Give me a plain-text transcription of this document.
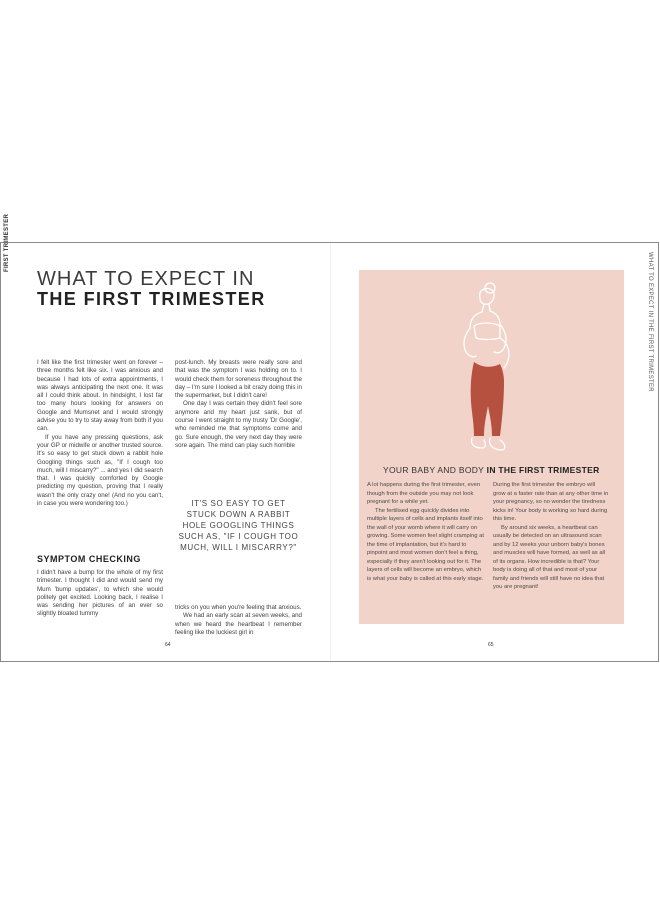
FIRST TRIMESTER
WHAT TO EXPECT IN THE FIRST TRIMESTER
WHAT TO EXPECT IN
THE FIRST TRIMESTER

I felt like the first trimester went on forever – three months felt like six. I was anxious and because I had lots of extra appointments, I was always anticipating the next one. It was all I could think about. In hindsight, I lost far too many hours looking for answers on Google and Mumsnet and I would strongly advise you to try to stay away from both if you can.

If you have any pressing questions, ask your GP or midwife or another trusted source. It's so easy to get stuck down a rabbit hole Googling things such as, "If I cough too much, will I miscarry?" ... and yes I did search that. I was quickly comforted by Google predicting my question, proving that I really wasn't the only crazy one! (And no you can't, in case you were wondering too.)

post-lunch. My breasts were really sore and that was the symptom I was holding on to. I would check them for soreness throughout the day – I'm sure I looked a bit crazy doing this in the supermarket, but I didn't care!

One day I was certain they didn't feel sore anymore and my heart just sank, but of course I went straight to my trusty 'Dr Google', who reminded me that symptoms come and go. Sure enough, the very next day they were sore again. The mind can play such horrible

IT'S SO EASY TO GET STUCK DOWN A RABBIT HOLE GOOGLING THINGS SUCH AS, "IF I COUGH TOO MUCH, WILL I MISCARRY?"
SYMPTOM CHECKING

I didn't have a bump for the whole of my first trimester. I thought I did and would send my Mum 'bump updates', to which she would politely get excited. Looking back, I realise I was sending her pictures of an ever so slightly bloated tummy

tricks on you when you're feeling that anxious.

We had an early scan at seven weeks, and when we heard the heartbeat I remember feeling like the luckiest girl in

64
YOUR BABY AND BODY IN THE FIRST TRIMESTER

A lot happens during the first trimester, even though from the outside you may not look pregnant for a while yet.

The fertilised egg quickly divides into multiple layers of cells and implants itself into the wall of your womb where it will carry on growing. Some women feel slight cramping at the time of implantation, but it's hard to pinpoint and most women don't feel a thing, especially if they aren't looking out for it. The layers of cells will become an embryo, which is what your baby is called at this early stage.

During the first trimester the embryo will grow at a faster rate than at any other time in your pregnancy, so no wonder the tiredness kicks in! Your body is working so hard during this time.

By around six weeks, a heartbeat can usually be detected on an ultrasound scan and by 12 weeks your unborn baby's bones and muscles will have formed, as well as all of its organs. How incredible is that? Your body is doing all of that and most of your family and friends will still have no idea that you are pregnant!

65
